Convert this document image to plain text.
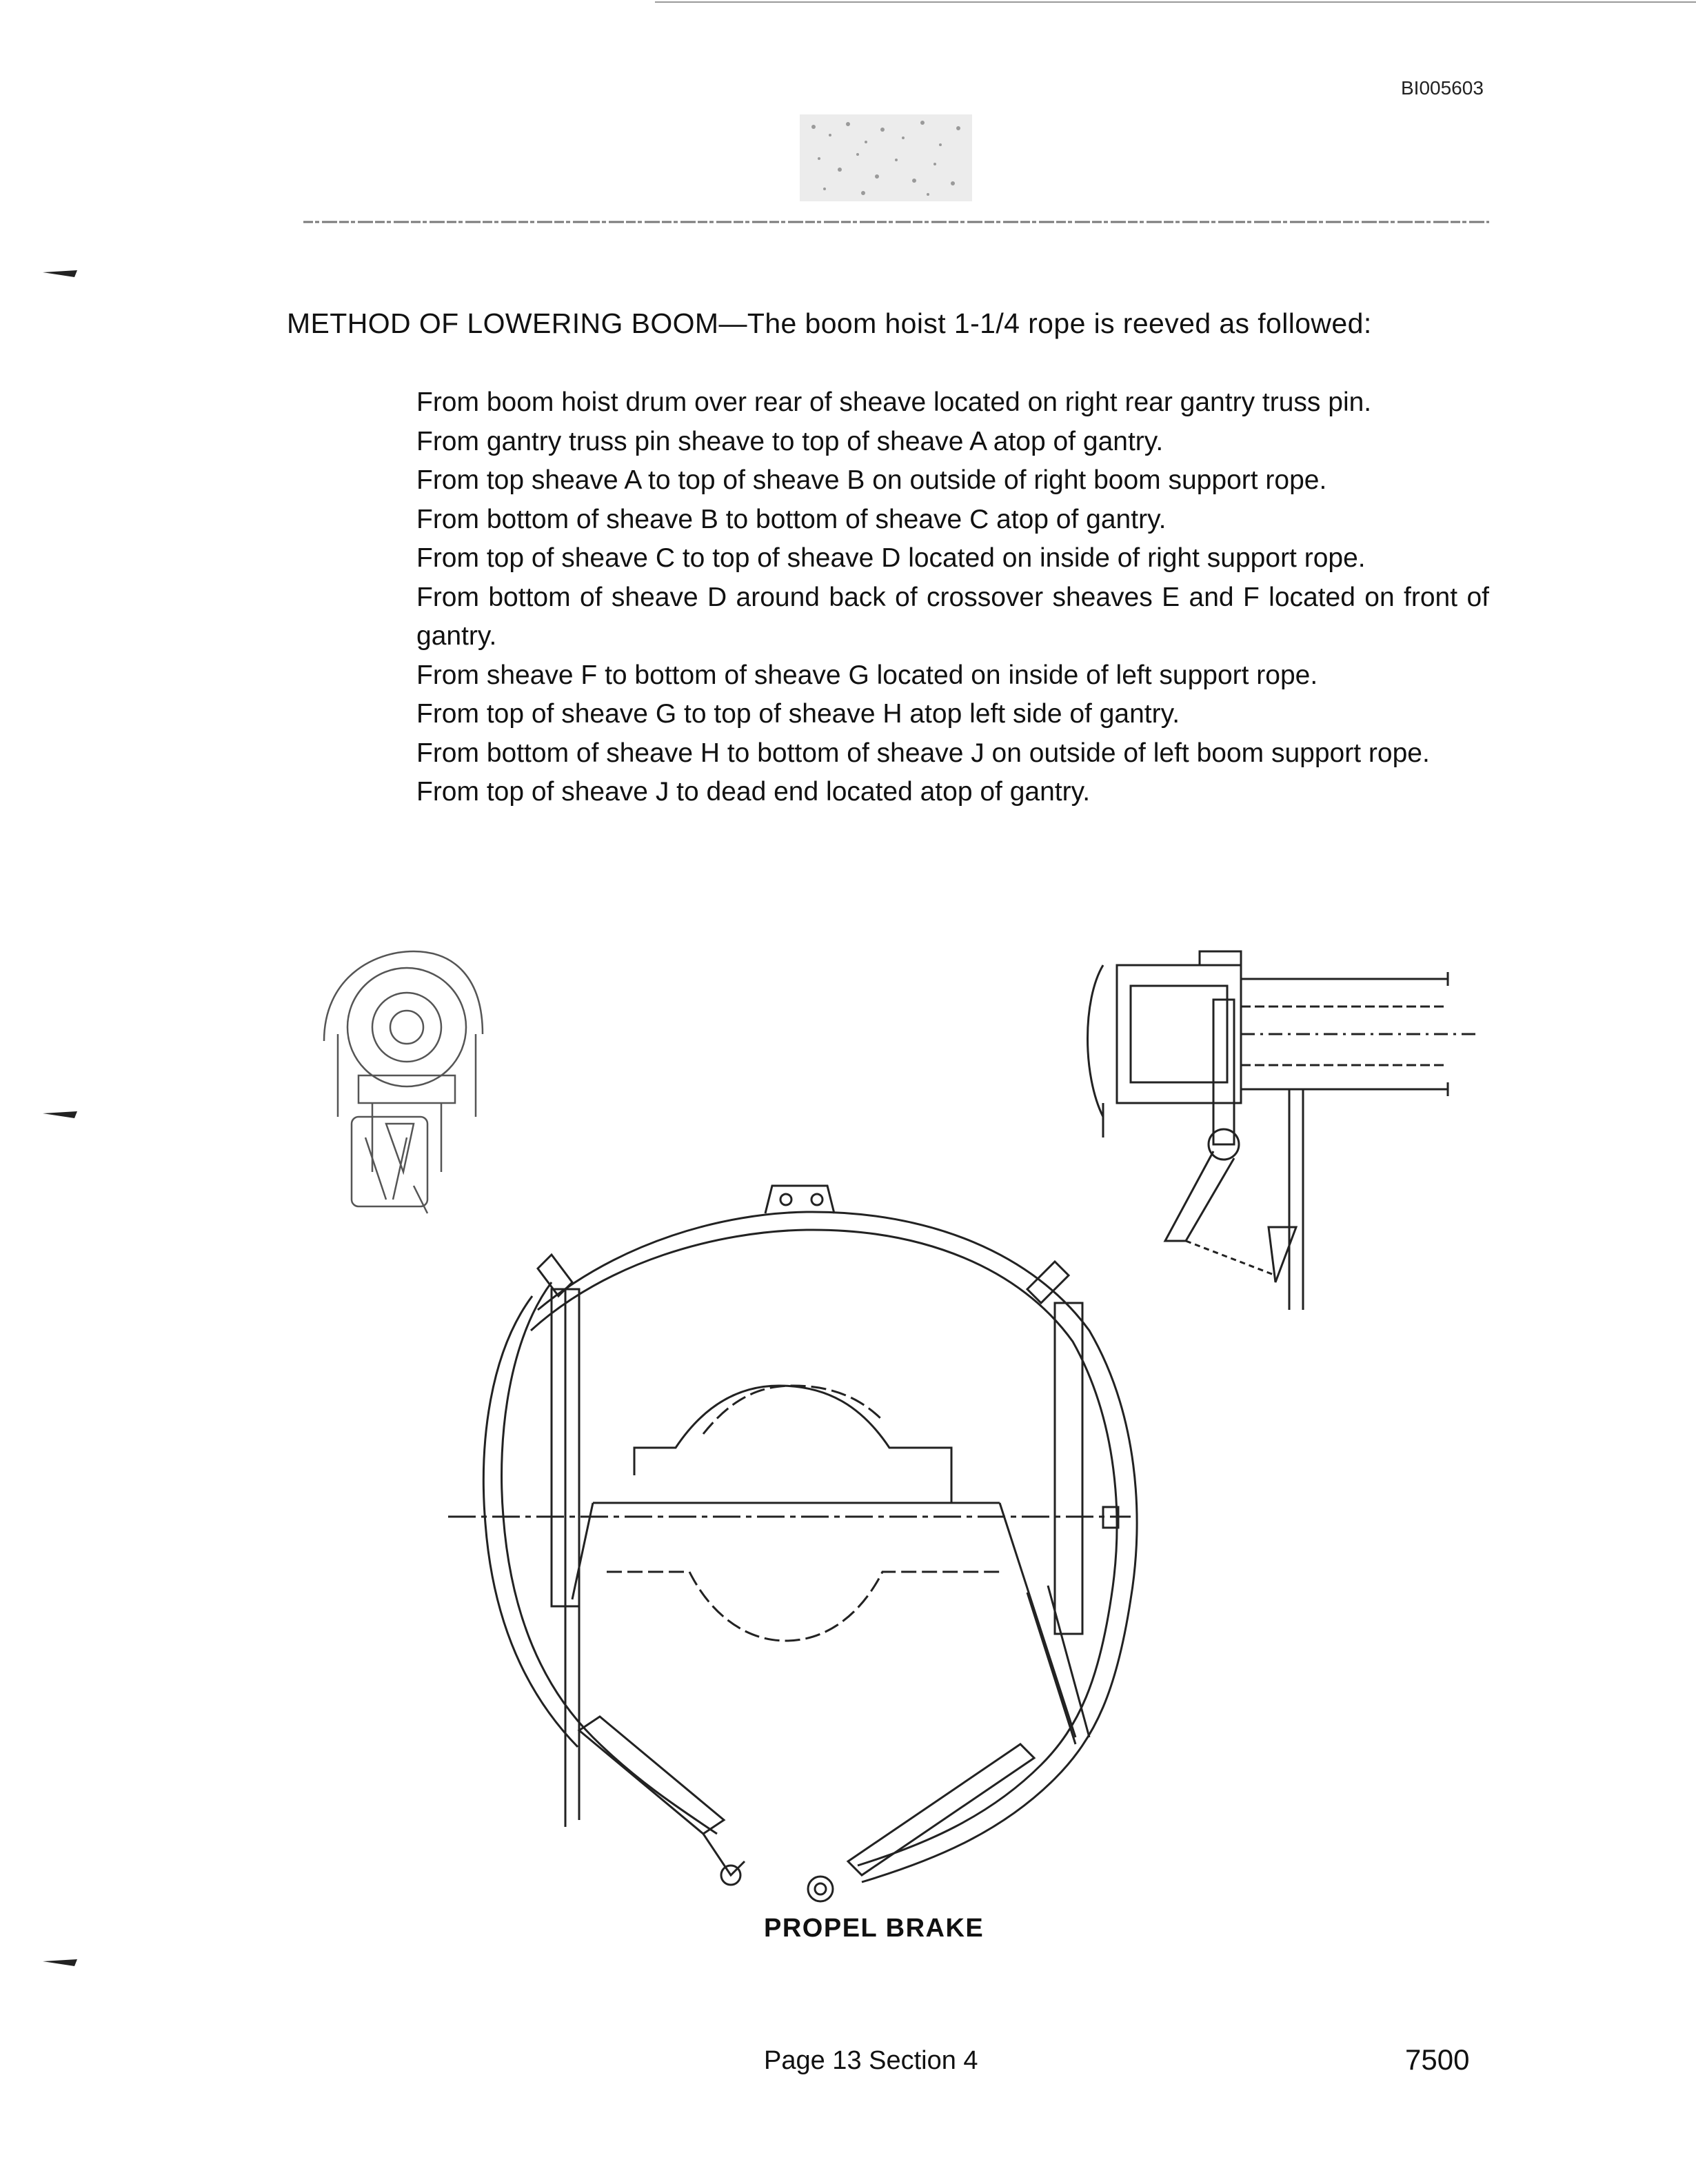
BI005603
METHOD OF LOWERING BOOM—The boom hoist 1-1/4 rope is reeved as followed:
From boom hoist drum over rear of sheave located on right rear gantry truss pin.
From gantry truss pin sheave to top of sheave A atop of gantry.
From top sheave A to top of sheave B on outside of right boom support rope.
From bottom of sheave B to bottom of sheave C atop of gantry.
From top of sheave C to top of sheave D located on inside of right support rope.
From bottom of sheave D around back of crossover sheaves E and F located on front of gantry.
From sheave F to bottom of sheave G located on inside of left support rope.
From top of sheave G to top of sheave H atop left side of gantry.
From bottom of sheave H to bottom of sheave J on outside of left boom support rope.
From top of sheave J to dead end located atop of gantry.
PROPEL BRAKE
Page 13 Section 4	7500
